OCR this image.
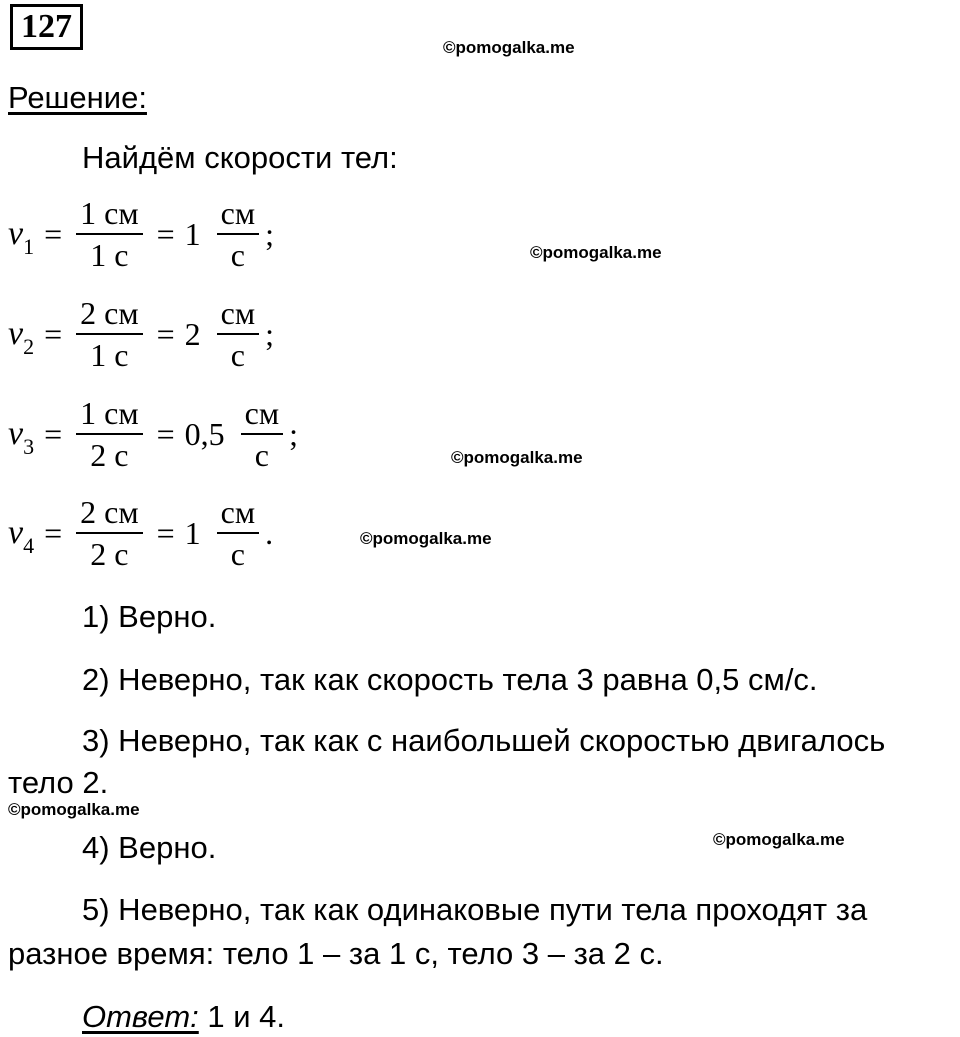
127
©pomogalka.me
©pomogalka.me
©pomogalka.me
©pomogalka.me
©pomogalka.me
©pomogalka.me
Решение:
Найдём скорости тел:
$v_1 = \frac{1 см}{1 с} = 1 \frac{см}{с}$ ;
$v_2 = \frac{2 см}{1 с} = 2 \frac{см}{с}$ ;
$v_3 = \frac{1 см}{2 с} = 0,5 \frac{см}{с}$ ;
$v_4 = \frac{2 см}{2 с} = 1 \frac{см}{с}$ .
1) Верно.
2) Неверно, так как скорость тела 3 равна 0,5 см/с.
3) Неверно, так как с наибольшей скоростью двигалось
тело 2.
4) Верно.
5) Неверно, так как одинаковые пути тела проходят за
разное время: тело 1 – за 1 с, тело 3 – за 2 с.
Ответ: 1 и 4.
